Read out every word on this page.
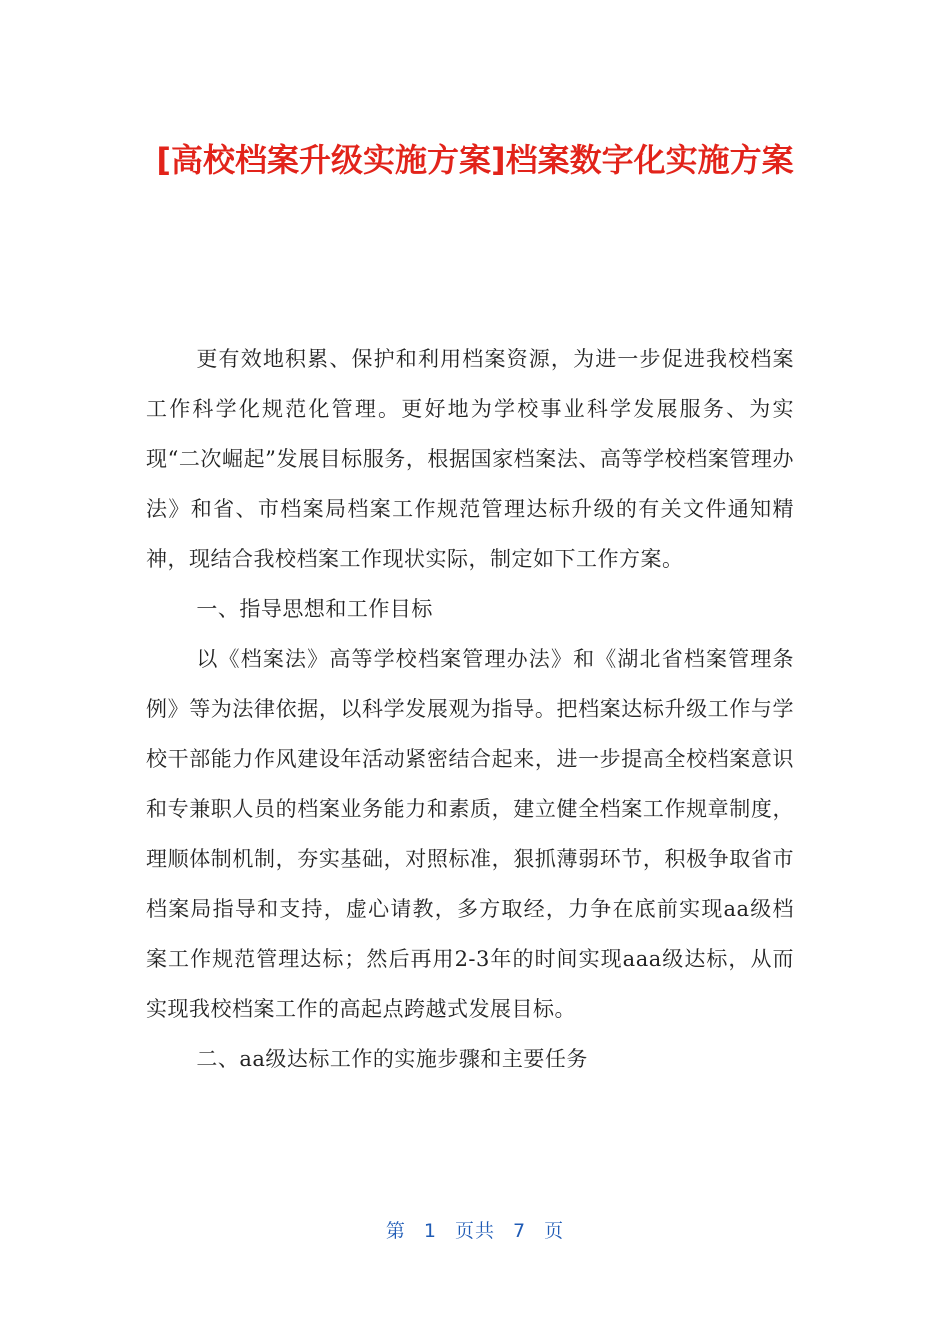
[高校档案升级实施方案]档案数字化实施方案

更有效地积累、保护和利用档案资源，为进一步促进我校档案工作科学化规范化管理。更好地为学校事业科学发展服务、为实现“二次崛起”发展目标服务，根据国家档案法、高等学校档案管理办法》和省、市档案局档案工作规范管理达标升级的有关文件通知精神，现结合我校档案工作现状实际，制定如下工作方案。

一、指导思想和工作目标

以《档案法》高等学校档案管理办法》和《湖北省档案管理条例》等为法律依据，以科学发展观为指导。把档案达标升级工作与学校干部能力作风建设年活动紧密结合起来，进一步提高全校档案意识和专兼职人员的档案业务能力和素质，建立健全档案工作规章制度，理顺体制机制，夯实基础，对照标准，狠抓薄弱环节，积极争取省市档案局指导和支持，虚心请教，多方取经，力争在底前实现aa级档案工作规范管理达标；然后再用2-3年的时间实现aaa级达标，从而实现我校档案工作的高起点跨越式发展目标。

二、aa级达标工作的实施步骤和主要任务

第 1 页共 7 页
